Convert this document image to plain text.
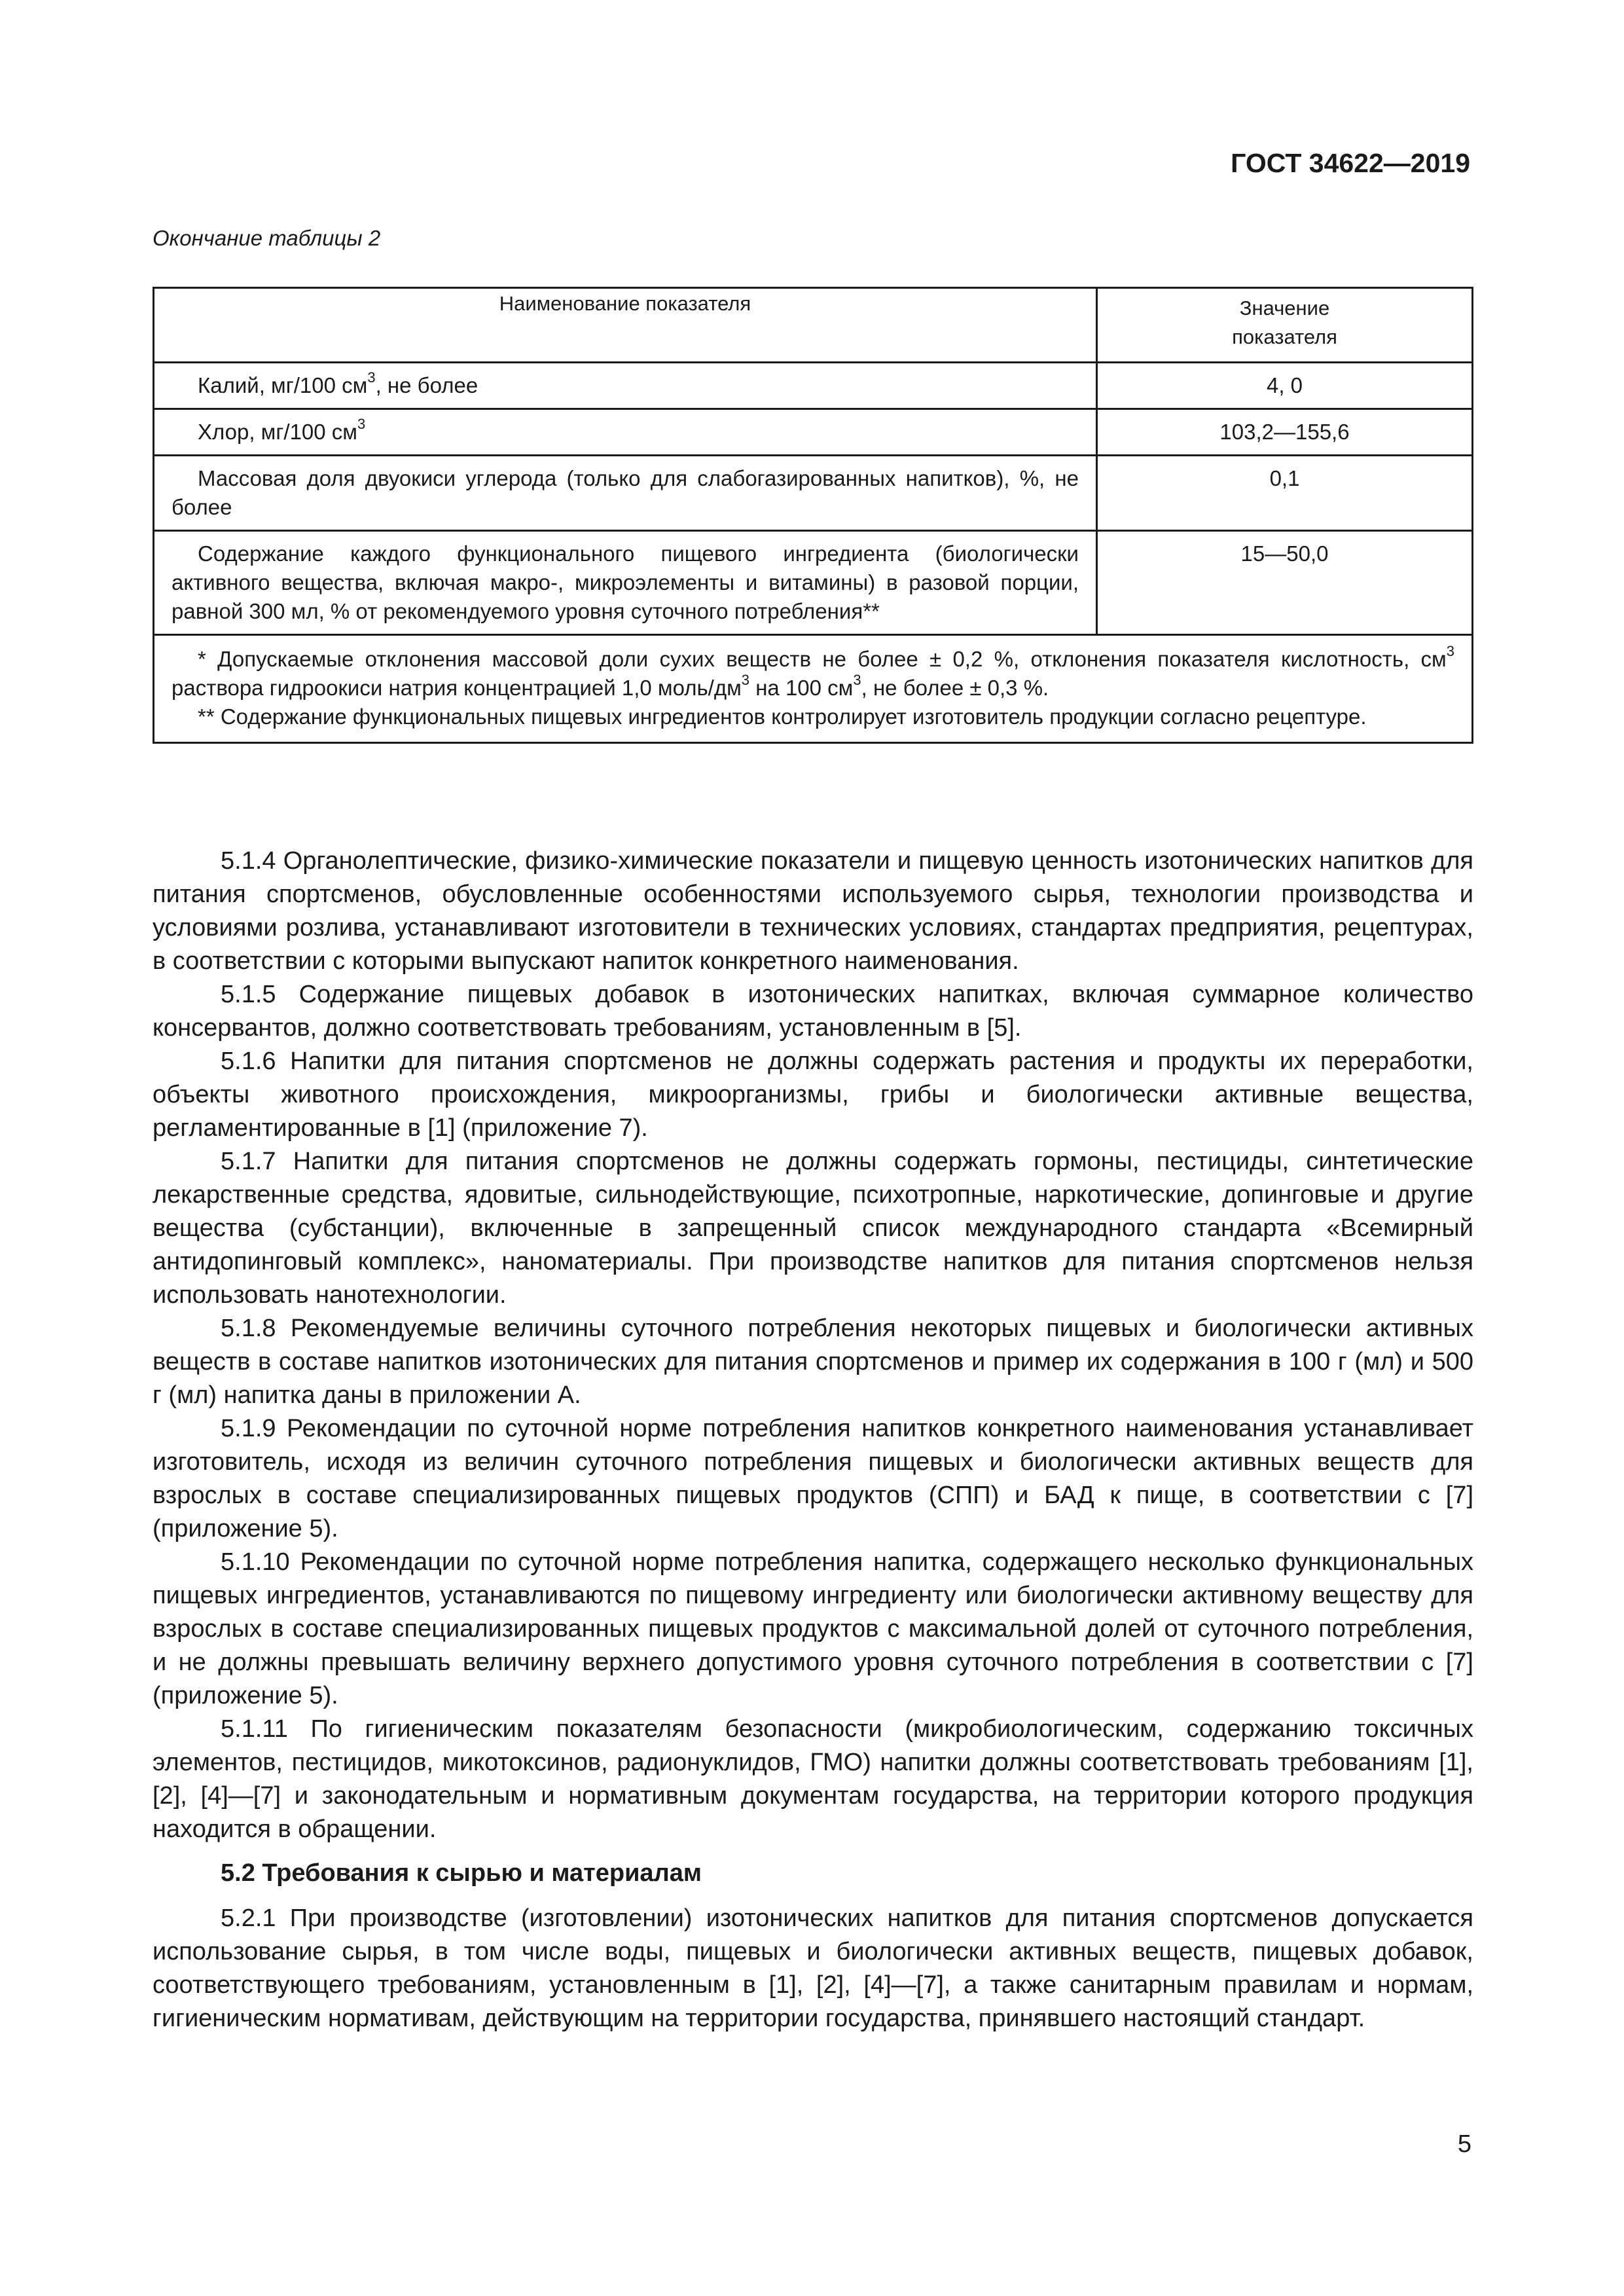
ГОСТ 34622—2019
Окончание таблицы 2
Наименование показателя	Значение
показателя
Калий, мг/100 $см^3$, не более	4, 0
Хлор, мг/100 $см^3$	103,2—155,6
Массовая доля двуокиси углерода (только для слабогазированных напитков), %, не более	0,1
Содержание каждого функционального пищевого ингредиента (биологически активного вещества, включая макро-, микроэлементы и витамины) в разовой порции, равной 300 мл, % от рекомендуемого уровня суточного потребления**	15—50,0

* Допускаемые отклонения массовой доли сухих веществ не более ± 0,2 %, отклонения показателя кислотность, $см^3$ раствора гидроокиси натрия концентрацией 1,0 моль/$дм^3$ на 100 $см^3$, не более ± 0,3 %.

** Содержание функциональных пищевых ингредиентов контролирует изготовитель продукции согласно рецептуре.	

5.1.4 Органолептические, физико-химические показатели и пищевую ценность изотонических напитков для питания спортсменов, обусловленные особенностями используемого сырья, технологии производства и условиями розлива, устанавливают изготовители в технических условиях, стандартах предприятия, рецептурах, в соответствии с которыми выпускают напиток конкретного наименования.

5.1.5 Содержание пищевых добавок в изотонических напитках, включая суммарное количество консервантов, должно соответствовать требованиям, установленным в [5].

5.1.6 Напитки для питания спортсменов не должны содержать растения и продукты их переработки, объекты животного происхождения, микроорганизмы, грибы и биологически активные вещества, регламентированные в [1] (приложение 7).

5.1.7 Напитки для питания спортсменов не должны содержать гормоны, пестициды, синтетические лекарственные средства, ядовитые, сильнодействующие, психотропные, наркотические, допинговые и другие вещества (субстанции), включенные в запрещенный список международного стандарта «Всемирный антидопинговый комплекс», наноматериалы. При производстве напитков для питания спортсменов нельзя использовать нанотехнологии.

5.1.8 Рекомендуемые величины суточного потребления некоторых пищевых и биологически активных веществ в составе напитков изотонических для питания спортсменов и пример их содержания в 100 г (мл) и 500 г (мл) напитка даны в приложении А.

5.1.9 Рекомендации по суточной норме потребления напитков конкретного наименования устанавливает изготовитель, исходя из величин суточного потребления пищевых и биологически активных веществ для взрослых в составе специализированных пищевых продуктов (СПП) и БАД к пище, в соответствии с [7] (приложение 5).

5.1.10 Рекомендации по суточной норме потребления напитка, содержащего несколько функциональных пищевых ингредиентов, устанавливаются по пищевому ингредиенту или биологически активному веществу для взрослых в составе специализированных пищевых продуктов с максимальной долей от суточного потребления, и не должны превышать величину верхнего допустимого уровня суточного потребления в соответствии с [7] (приложение 5).

5.1.11 По гигиеническим показателям безопасности (микробиологическим, содержанию токсичных элементов, пестицидов, микотоксинов, радионуклидов, ГМО) напитки должны соответствовать требованиям [1], [2], [4]—[7] и законодательным и нормативным документам государства, на территории которого продукция находится в обращении.

5.2 Требования к сырью и материалам

5.2.1 При производстве (изготовлении) изотонических напитков для питания спортсменов допускается использование сырья, в том числе воды, пищевых и биологически активных веществ, пищевых добавок, соответствующего требованиям, установленным в [1], [2], [4]—[7], а также санитарным правилам и нормам, гигиеническим нормативам, действующим на территории государства, принявшего настоящий стандарт.

5
